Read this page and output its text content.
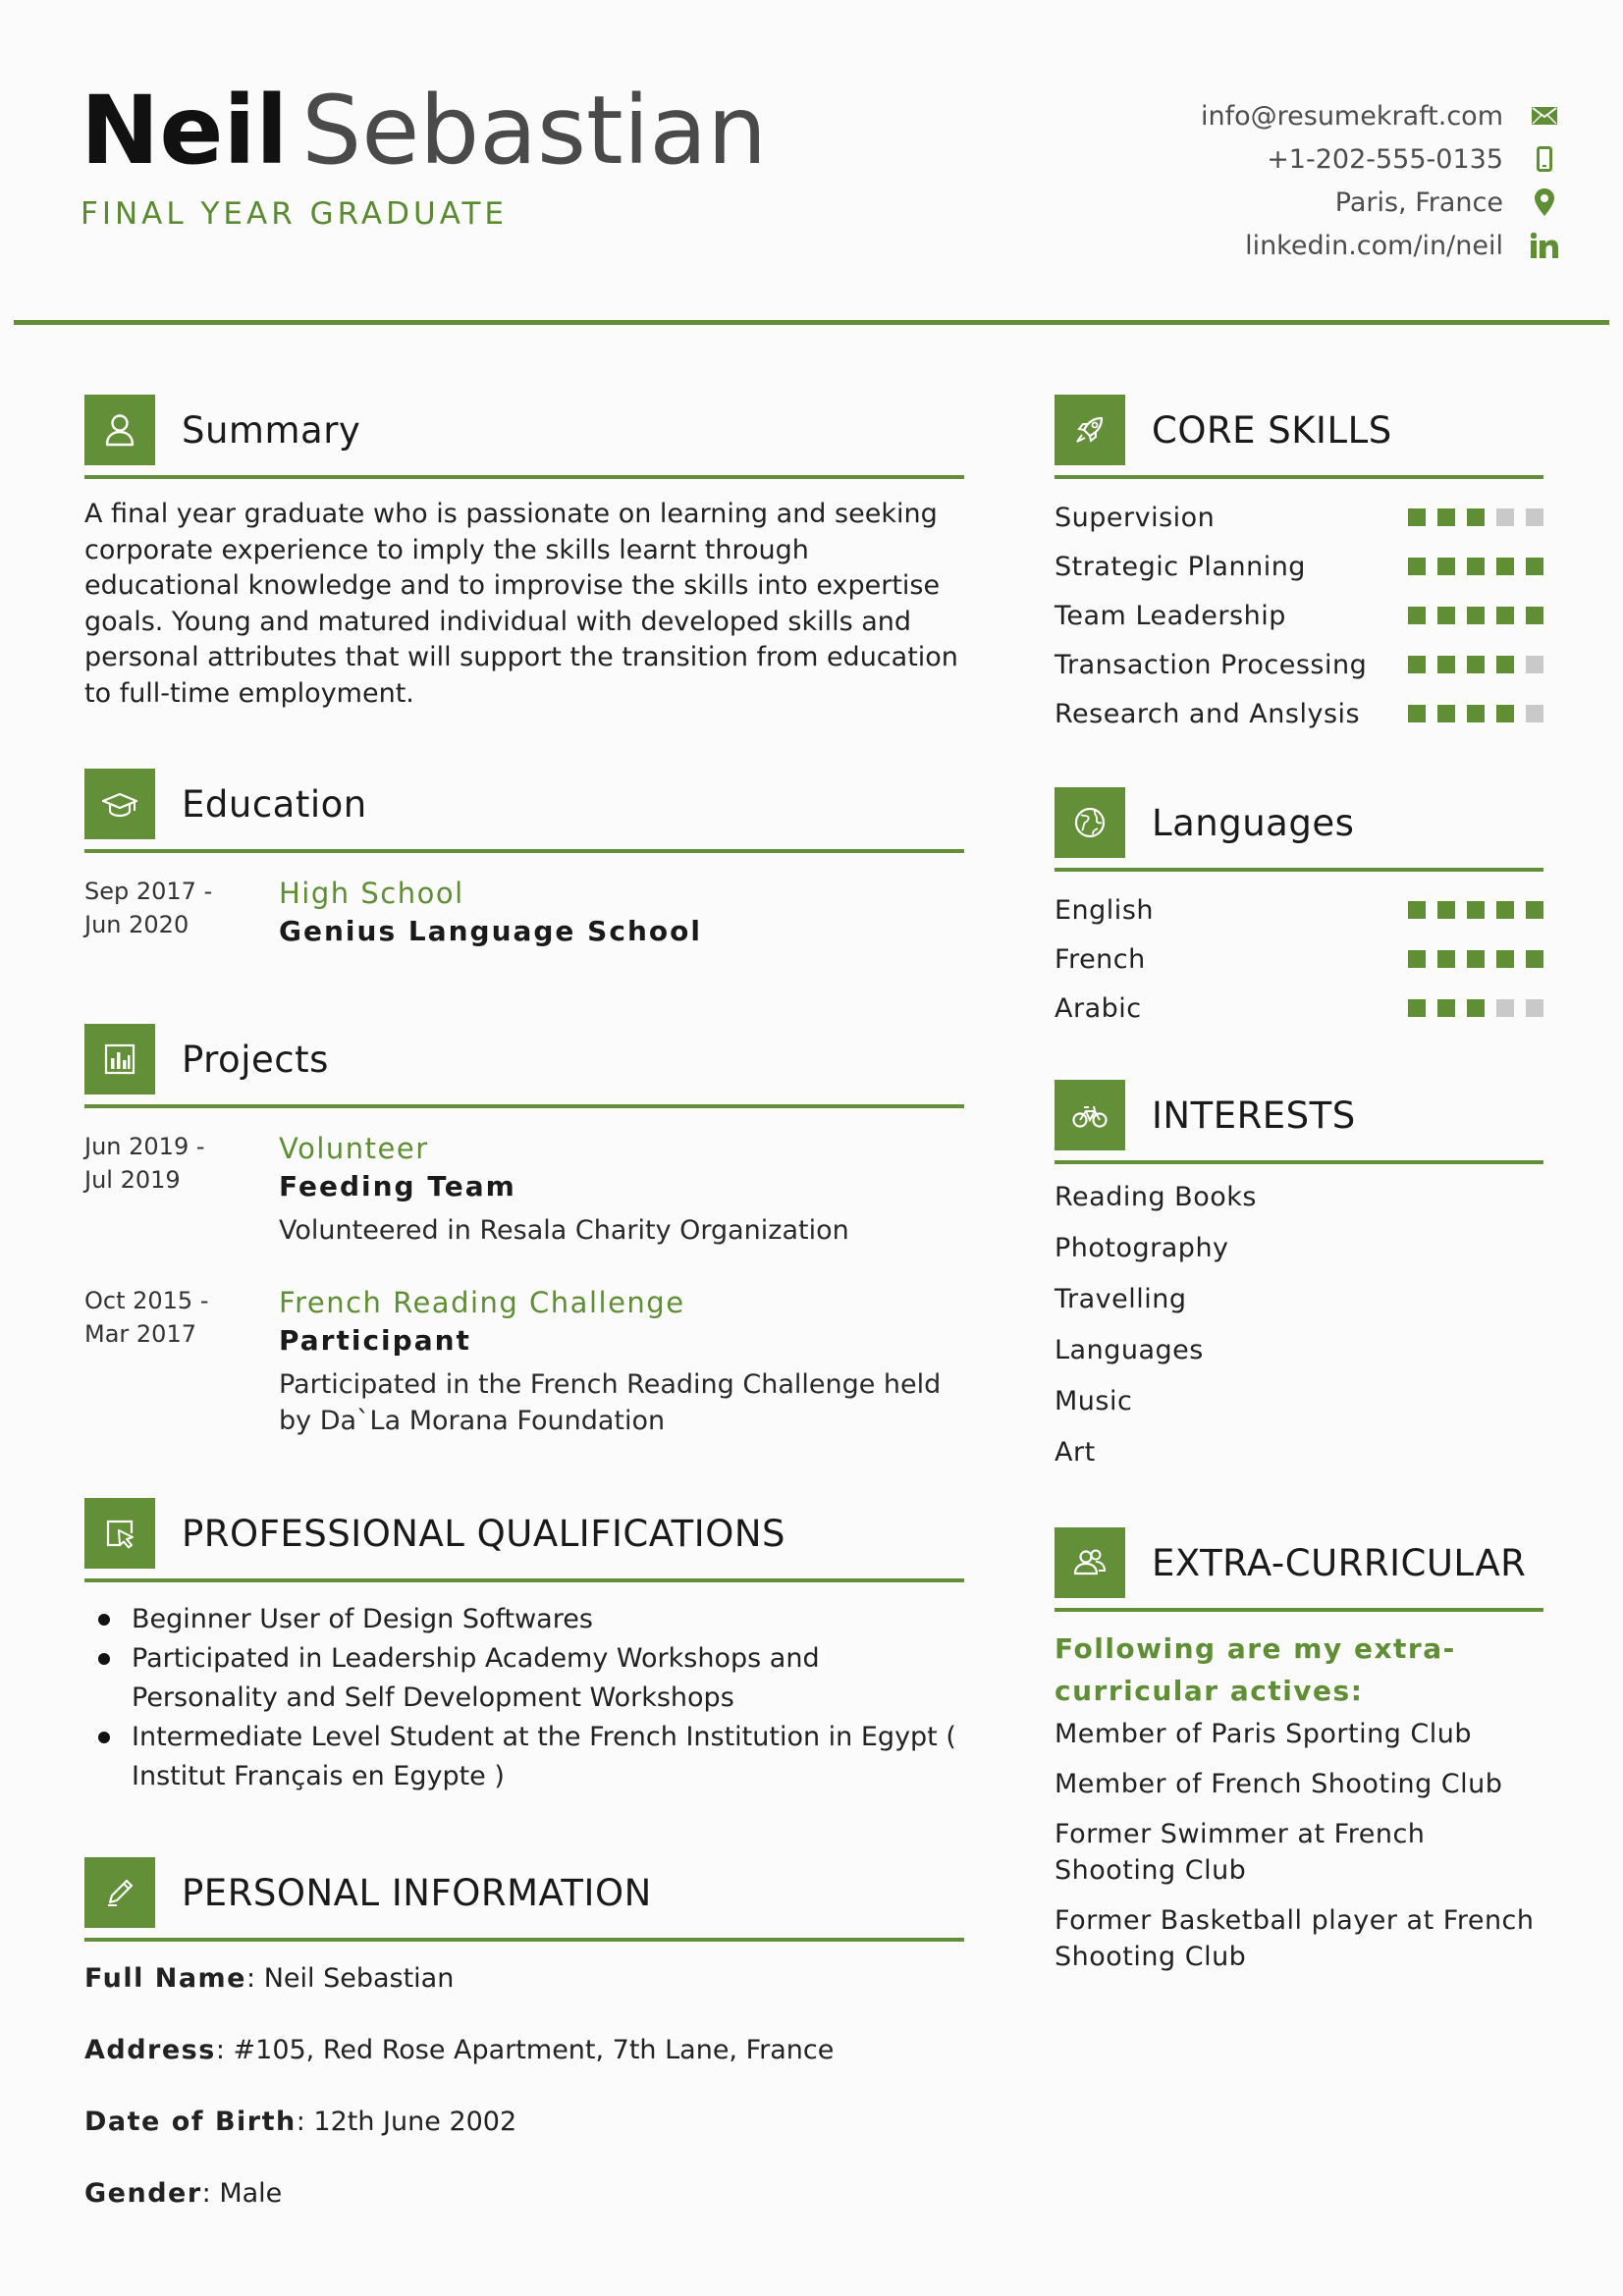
Neil Sebastian
FINAL YEAR GRADUATE
info@resumekraft.com
+1-202-555-0135
Paris, France
linkedin.com/in/neil
Summary
A final year graduate who is passionate on learning and seeking corporate experience to imply the skills learnt through educational knowledge and to improvise the skills into expertise goals. Young and matured individual with developed skills and personal attributes that will support the transition from education to full-time employment.
Education
Sep 2017 -
Jun 2020
High School
Genius Language School
Projects
Jun 2019 -
Jul 2019
Volunteer
Feeding Team
Volunteered in Resala Charity Organization
Oct 2015 -
Mar 2017
French Reading Challenge
Participant
Participated in the French Reading Challenge held by Da`La Morana Foundation
PROFESSIONAL QUALIFICATIONS
Beginner User of Design Softwares
Participated in Leadership Academy Workshops and Personality and Self Development Workshops
Intermediate Level Student at the French Institution in Egypt ( Institut Français en Egypte )
PERSONAL INFORMATION
Full Name: Neil Sebastian
Address: #105, Red Rose Apartment, 7th Lane, France
Date of Birth: 12th June 2002
Gender: Male
CORE SKILLS
Supervision
Strategic Planning
Team Leadership
Transaction Processing
Research and Anslysis
Languages
English
French
Arabic
INTERESTS
Reading Books
Photography
Travelling
Languages
Music
Art
EXTRA-CURRICULAR
Following are my extra-curricular actives:
Member of Paris Sporting Club
Member of French Shooting Club
Former Swimmer at French Shooting Club
Former Basketball player at French Shooting Club
